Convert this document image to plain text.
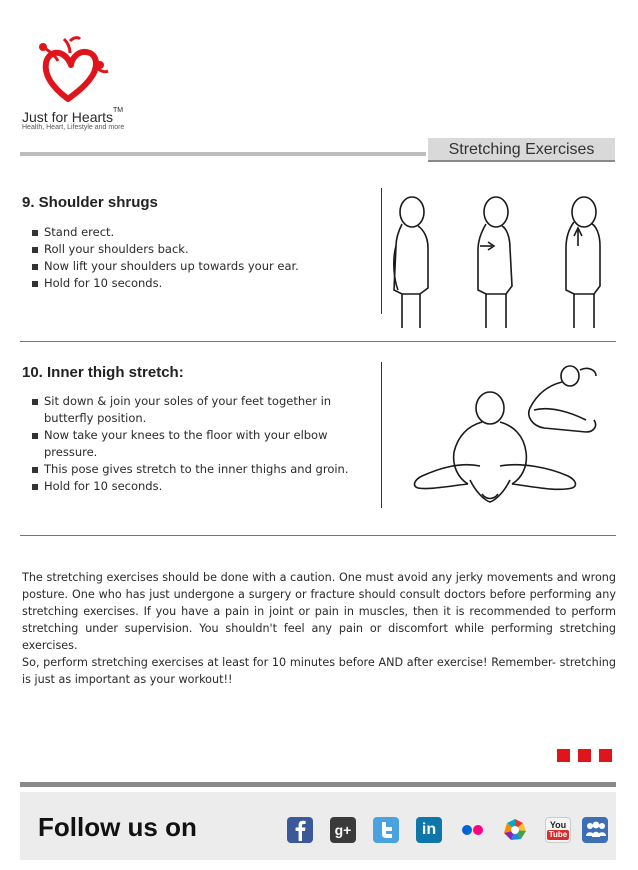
Just for Hearts™
Health, Heart, Lifestyle and more
Stretching Exercises
9. Shoulder shrugs
Stand erect.
Roll your shoulders back.
Now lift your shoulders up towards your ear.
Hold for 10 seconds.
10. Inner thigh stretch:
Sit down & join your soles of your feet together in
butterfly position.
Now take your knees to the floor with your elbow
pressure.
This pose gives stretch to the inner thighs and groin.
Hold for 10 seconds.

The stretching exercises should be done with a caution. One must avoid any jerky movements and wrong posture. One who has just undergone a surgery or fracture should consult doctors before performing any stretching exercises. If you have a pain in joint or pain in muscles, then it is recommended to perform stretching under supervision. You shouldn't feel any pain or discomfort while performing stretching exercises.

So, perform stretching exercises at least for 10 minutes before AND after exercise! Remember- stretching is just as important as your workout!!

Follow us on	g+	in	You
Tube
